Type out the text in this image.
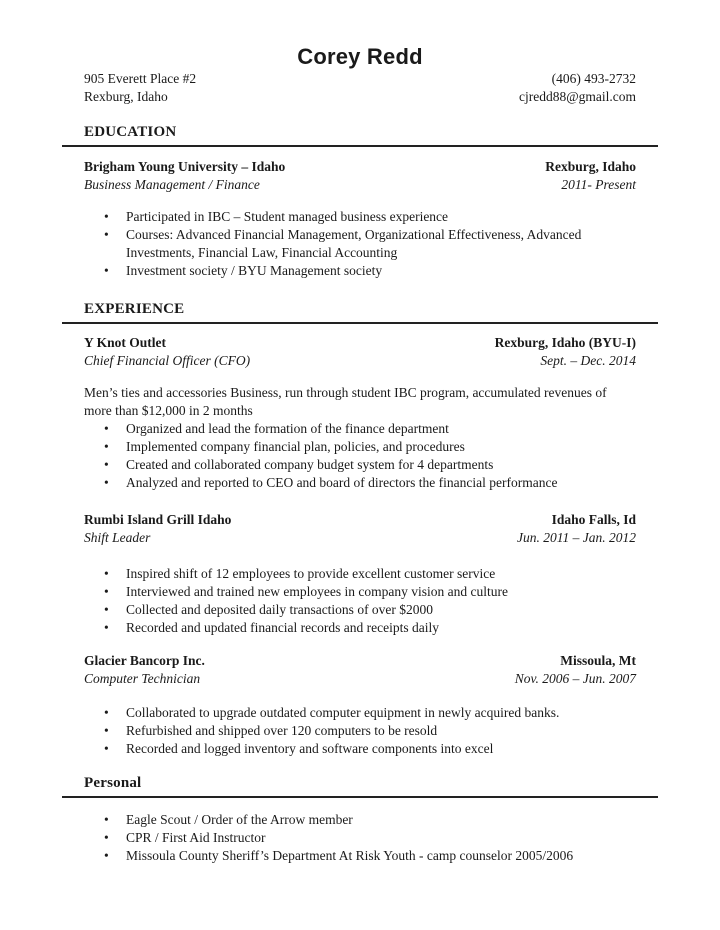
Corey Redd
905 Everett Place #2
Rexburg, Idaho
(406) 493-2732
cjredd88@gmail.com
EDUCATION
Brigham Young University – Idaho	Rexburg, Idaho
Business Management / Finance	2011- Present
• Participated in IBC – Student managed business experience
• Courses: Advanced Financial Management, Organizational Effectiveness, Advanced Investments, Financial Law, Financial Accounting
• Investment society / BYU Management society
EXPERIENCE
Y Knot Outlet	Rexburg, Idaho (BYU-I)
Chief Financial Officer (CFO)	Sept. – Dec. 2014

Men’s ties and accessories Business, run through student IBC program, accumulated revenues of more than $12,000 in 2 months

• Organized and lead the formation of the finance department
• Implemented company financial plan, policies, and procedures
• Created and collaborated company budget system for 4 departments
• Analyzed and reported to CEO and board of directors the financial performance
Rumbi Island Grill Idaho	Idaho Falls, Id
Shift Leader	Jun. 2011 – Jan. 2012
• Inspired shift of 12 employees to provide excellent customer service
• Interviewed and trained new employees in company vision and culture
• Collected and deposited daily transactions of over $2000
• Recorded and updated financial records and receipts daily
Glacier Bancorp Inc.	Missoula, Mt
Computer Technician	Nov. 2006 – Jun. 2007
• Collaborated to upgrade outdated computer equipment in newly acquired banks.
• Refurbished and shipped over 120 computers to be resold
• Recorded and logged inventory and software components into excel
Personal
• Eagle Scout / Order of the Arrow member
• CPR / First Aid Instructor
• Missoula County Sheriff’s Department At Risk Youth - camp counselor 2005/2006
